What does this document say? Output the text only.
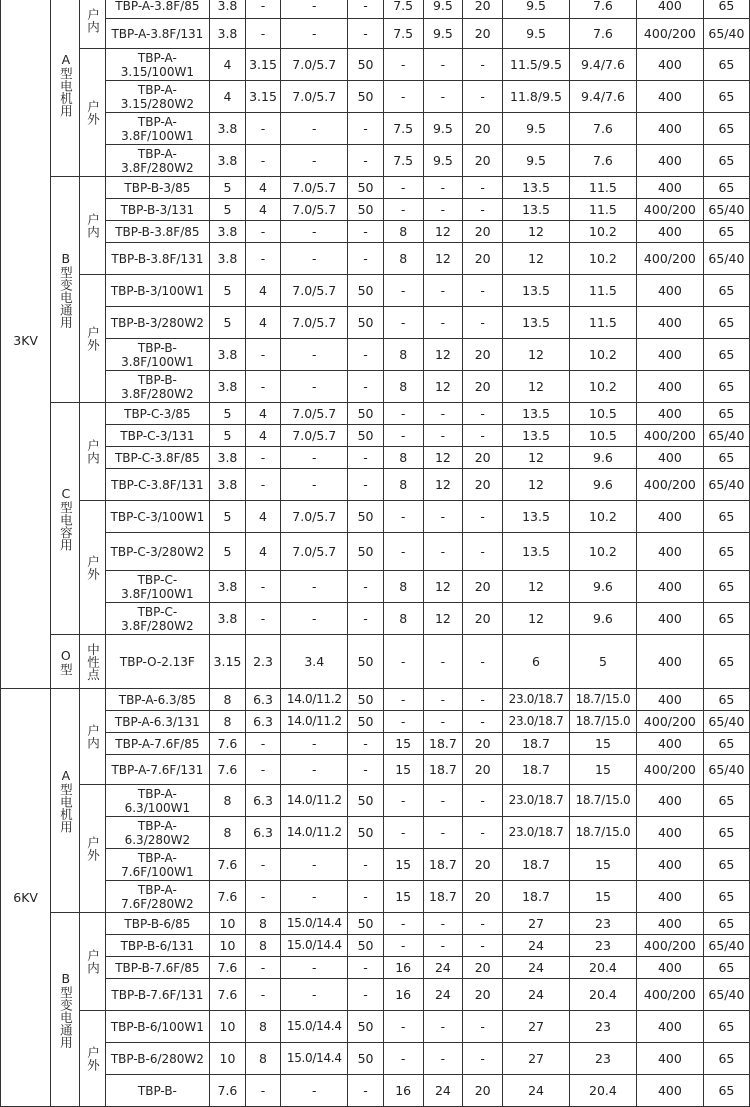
3KV	A型电机用	户内	TBP-A-3.8F/85	3.8	-	-	-	7.5	9.5	20	9.5	7.6	400	65
			TBP-A-3.8F/131	3.8	-	-	-	7.5	9.5	20	9.5	7.6	400/200	65/40
		户外	TBP-A-3.15/100W1	4	3.15	7.0/5.7	50	-	-	-	11.5/9.5	9.4/7.6	400	65
			TBP-A-3.15/280W2	4	3.15	7.0/5.7	50	-	-	-	11.8/9.5	9.4/7.6	400	65
			TBP-A-3.8F/100W1	3.8	-	-	-	7.5	9.5	20	9.5	7.6	400	65
			TBP-A-3.8F/280W2	3.8	-	-	-	7.5	9.5	20	9.5	7.6	400	65
	B型变电通用	户内	TBP-B-3/85	5	4	7.0/5.7	50	-	-	-	13.5	11.5	400	65
			TBP-B-3/131	5	4	7.0/5.7	50	-	-	-	13.5	11.5	400/200	65/40
			TBP-B-3.8F/85	3.8	-	-	-	8	12	20	12	10.2	400	65
			TBP-B-3.8F/131	3.8	-	-	-	8	12	20	12	10.2	400/200	65/40
		户外	TBP-B-3/100W1	5	4	7.0/5.7	50	-	-	-	13.5	11.5	400	65
			TBP-B-3/280W2	5	4	7.0/5.7	50	-	-	-	13.5	11.5	400	65
			TBP-B-3.8F/100W1	3.8	-	-	-	8	12	20	12	10.2	400	65
			TBP-B-3.8F/280W2	3.8	-	-	-	8	12	20	12	10.2	400	65
	C型电容用	户内	TBP-C-3/85	5	4	7.0/5.7	50	-	-	-	13.5	10.5	400	65
			TBP-C-3/131	5	4	7.0/5.7	50	-	-	-	13.5	10.5	400/200	65/40
			TBP-C-3.8F/85	3.8	-	-	-	8	12	20	12	9.6	400	65
			TBP-C-3.8F/131	3.8	-	-	-	8	12	20	12	9.6	400/200	65/40
		户外	TBP-C-3/100W1	5	4	7.0/5.7	50	-	-	-	13.5	10.2	400	65
			TBP-C-3/280W2	5	4	7.0/5.7	50	-	-	-	13.5	10.2	400	65
			TBP-C-3.8F/100W1	3.8	-	-	-	8	12	20	12	9.6	400	65
			TBP-C-3.8F/280W2	3.8	-	-	-	8	12	20	12	9.6	400	65
	O型	中性点	TBP-O-2.13F	3.15	2.3	3.4	50	-	-	-	6	5	400	65
6KV	A型电机用	户内	TBP-A-6.3/85	8	6.3	14.0/11.2	50	-	-	-	23.0/18.7	18.7/15.0	400	65
			TBP-A-6.3/131	8	6.3	14.0/11.2	50	-	-	-	23.0/18.7	18.7/15.0	400/200	65/40
			TBP-A-7.6F/85	7.6	-	-	-	15	18.7	20	18.7	15	400	65
			TBP-A-7.6F/131	7.6	-	-	-	15	18.7	20	18.7	15	400/200	65/40
		户外	TBP-A-6.3/100W1	8	6.3	14.0/11.2	50	-	-	-	23.0/18.7	18.7/15.0	400	65
			TBP-A-6.3/280W2	8	6.3	14.0/11.2	50	-	-	-	23.0/18.7	18.7/15.0	400	65
			TBP-A-7.6F/100W1	7.6	-	-	-	15	18.7	20	18.7	15	400	65
			TBP-A-7.6F/280W2	7.6	-	-	-	15	18.7	20	18.7	15	400	65
	B型变电通用	户内	TBP-B-6/85	10	8	15.0/14.4	50	-	-	-	27	23	400	65
			TBP-B-6/131	10	8	15.0/14.4	50	-	-	-	24	23	400/200	65/40
			TBP-B-7.6F/85	7.6	-	-	-	16	24	20	24	20.4	400	65
			TBP-B-7.6F/131	7.6	-	-	-	16	24	20	24	20.4	400/200	65/40
		户外	TBP-B-6/100W1	10	8	15.0/14.4	50	-	-	-	27	23	400	65
			TBP-B-6/280W2	10	8	15.0/14.4	50	-	-	-	27	23	400	65
			TBP-B-	7.6	-	-	-	16	24	20	24	20.4	400	65
